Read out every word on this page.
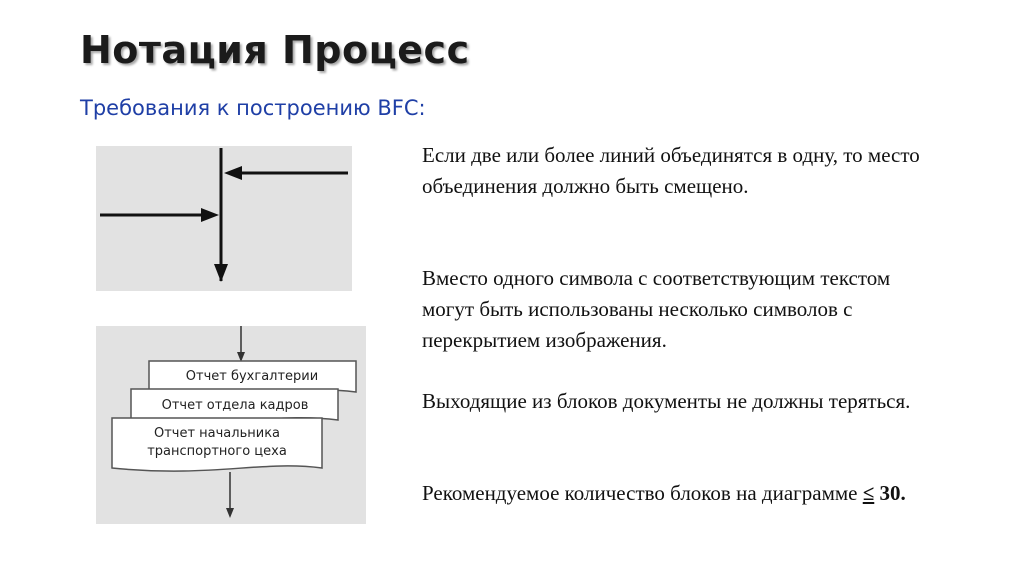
Нотация Процесс
Требования к построению BFC:
Отчет бухгалтерии
Отчет отдела кадров
Отчет начальника
транспортного цеха
Если две или более линий объединятся в одну, то место объединения должно быть смещено.
Вместо одного символа с соответствующим текстом могут быть использованы несколько символов с перекрытием изображения.
Выходящие из блоков документы не должны теряться.
Рекомендуемое количество блоков на диаграмме ≤ 30.
